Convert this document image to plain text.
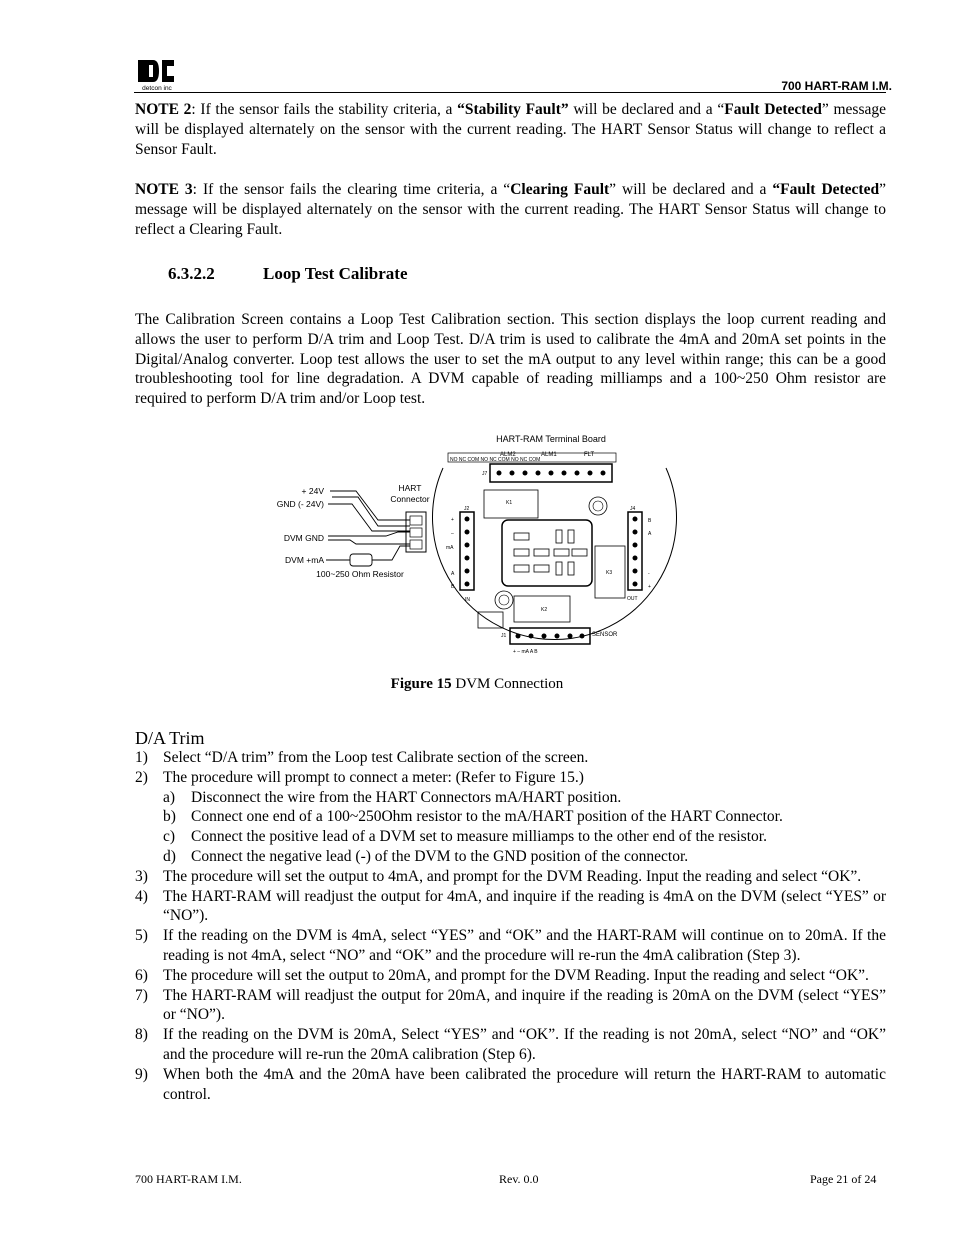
detcon inc	700 HART-RAM I.M.
NOTE 2: If the sensor fails the stability criteria, a “Stability Fault” will be declared and a “Fault Detected” message will be displayed alternately on the sensor with the current reading. The HART Sensor Status will change to reflect a Sensor Fault.
NOTE 3: If the sensor fails the clearing time criteria, a “Clearing Fault” will be declared and a “Fault Detected” message will be displayed alternately on the sensor with the current reading. The HART Sensor Status will change to reflect a Clearing Fault.
6.3.2.2	Loop Test Calibrate
The Calibration Screen contains a Loop Test Calibration section. This section displays the loop current reading and allows the user to perform D/A trim and Loop Test. D/A trim is used to calibrate the 4mA and 20mA set points in the Digital/Analog converter. Loop test allows the user to set the mA output to any level within range; this can be a good troubleshooting tool for line degradation. A DVM capable of reading milliamps and a 100~250 Ohm resistor are required to perform D/A trim and/or Loop test.
HART-RAM Terminal Board
ALM2	ALM1	FLT
NO NC COM NO NC COM NO NC COM
J7
K1
J2
+
–
mA
A
B
IN
K3
J4
B
A
-
+
OUT
K2
J1	SENSOR
+ – mA A B
HART
Connector
+ 24V
GND (- 24V)
DVM GND
DVM +mA
100~250 Ohm Resistor
Figure 15 DVM Connection
D/A Trim
1) Select “D/A trim” from the Loop test Calibrate section of the screen.
2) The procedure will prompt to connect a meter: (Refer to Figure 15.)
a)	Disconnect the wire from the HART Connectors mA/HART position.
b) Connect one end of a 100~250Ohm resistor to the mA/HART position of the HART Connector.
c)	Connect the positive lead of a DVM set to measure milliamps to the other end of the resistor.
d) Connect the negative lead (-) of the DVM to the GND position of the connector.
3) The procedure will set the output to 4mA, and prompt for the DVM Reading. Input the reading and select “OK”.
4) The HART-RAM will readjust the output for 4mA, and inquire if the reading is 4mA on the DVM (select “YES” or “NO”).
5) If the reading on the DVM is 4mA, select “YES” and “OK” and the HART-RAM will continue on to 20mA. If the reading is not 4mA, select “NO” and “OK” and the procedure will re-run the 4mA calibration (Step 3).
6) The procedure will set the output to 20mA, and prompt for the DVM Reading. Input the reading and select “OK”.
7) The HART-RAM will readjust the output for 20mA, and inquire if the reading is 20mA on the DVM (select “YES” or “NO”).
8) If the reading on the DVM is 20mA, Select “YES” and “OK”. If the reading is not 20mA, select “NO” and “OK” and the procedure will re-run the 20mA calibration (Step 6).
9) When both the 4mA and the 20mA have been calibrated the procedure will return the HART-RAM to automatic control.
700 HART-RAM I.M.	Rev. 0.0	Page 21 of 24
